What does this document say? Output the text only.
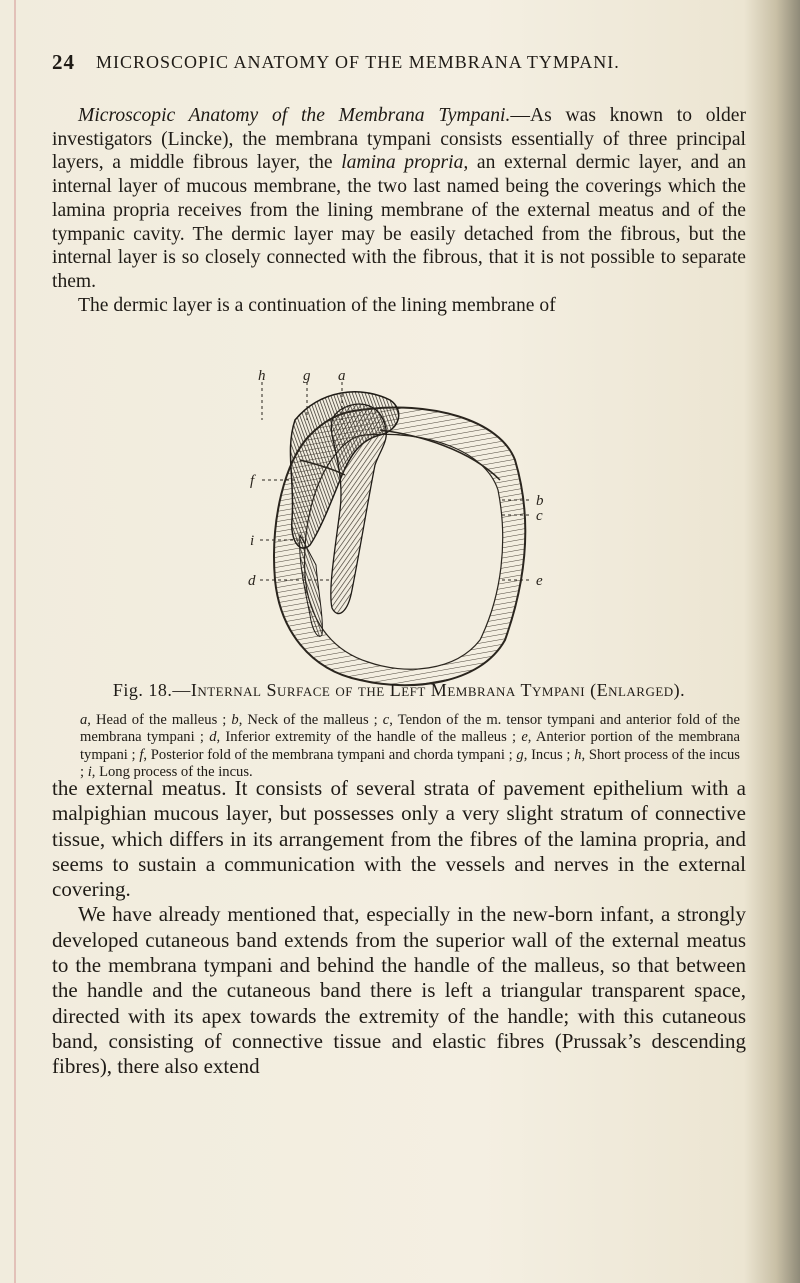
24 MICROSCOPIC ANATOMY OF THE MEMBRANA TYMPANI.

Microscopic Anatomy of the Membrana Tympani.—As was known to older investigators (Lincke), the membrana tympani consists essentially of three principal layers, a middle fibrous layer, the lamina propria, an external dermic layer, and an internal layer of mucous membrane, the two last named being the coverings which the lamina propria receives from the lining membrane of the external meatus and of the tympanic cavity. The dermic layer may be easily detached from the fibrous, but the internal layer is so closely connected with the fibrous, that it is not possible to separate them.

The dermic layer is a continuation of the lining membrane of

h	g a
f
i
d
b
c
e
Fig. 18.—Internal Surface of the Left Membrana Tympani (Enlarged).
a, Head of the malleus ; b, Neck of the malleus ; c, Tendon of the m. tensor tympani and anterior fold of the membrana tympani ; d, Inferior extremity of the handle of the malleus ; e, Anterior portion of the membrana tympani ; f, Posterior fold of the membrana tympani and chorda tympani ; g, Incus ; h, Short process of the incus ; i, Long process of the incus.

the external meatus. It consists of several strata of pavement epithelium with a malpighian mucous layer, but possesses only a very slight stratum of connective tissue, which differs in its arrangement from the fibres of the lamina propria, and seems to sustain a communication with the vessels and nerves in the external covering.

We have already mentioned that, especially in the new-born infant, a strongly developed cutaneous band extends from the superior wall of the external meatus to the membrana tympani and behind the handle of the malleus, so that between the handle and the cutaneous band there is left a triangular transparent space, directed with its apex towards the extremity of the handle; with this cutaneous band, consisting of connective tissue and elastic fibres (Prussak’s descending fibres), there also extend
